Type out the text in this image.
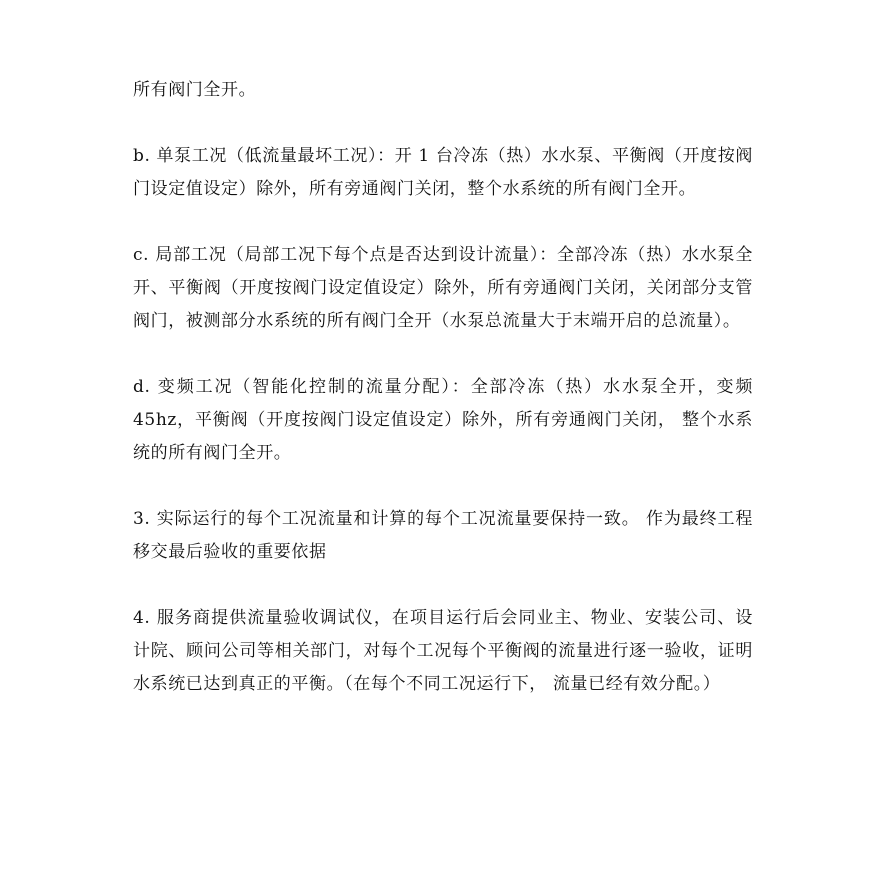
所有阀门全开。

b. 单泵工况（低流量最坏工况）：开 1 台冷冻（热）水水泵、平衡阀（开度按阀门设定值设定）除外，所有旁通阀门关闭，整个水系统的所有阀门全开。

c. 局部工况（局部工况下每个点是否达到设计流量）：全部冷冻（热）水水泵全开、平衡阀（开度按阀门设定值设定）除外，所有旁通阀门关闭，关闭部分支管阀门，被测部分水系统的所有阀门全开（水泵总流量大于末端开启的总流量）。

d. 变频工况（智能化控制的流量分配）：全部冷冻（热）水水泵全开，变频 45hz，平衡阀（开度按阀门设定值设定）除外，所有旁通阀门关闭， 整个水系统的所有阀门全开。

3. 实际运行的每个工况流量和计算的每个工况流量要保持一致。 作为最终工程移交最后验收的重要依据

4. 服务商提供流量验收调试仪，在项目运行后会同业主、物业、安装公司、设计院、顾问公司等相关部门，对每个工况每个平衡阀的流量进行逐一验收，证明水系统已达到真正的平衡。（在每个不同工况运行下， 流量已经有效分配。）
